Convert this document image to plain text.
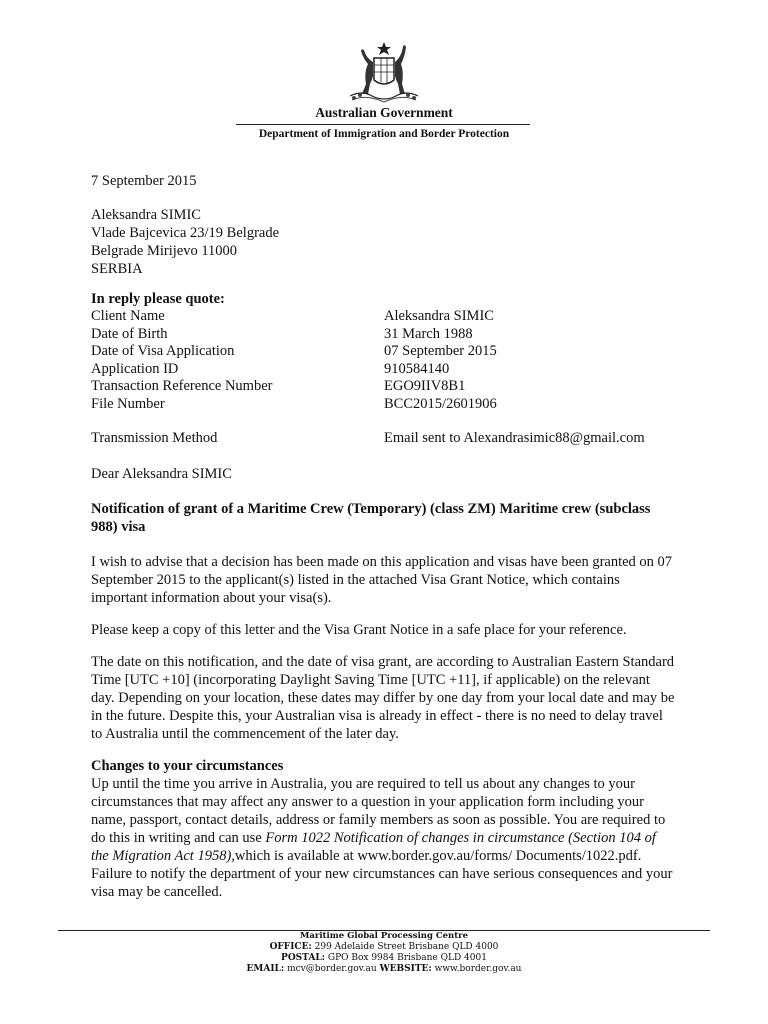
Australian Government
Department of Immigration and Border Protection
7 September 2015
Aleksandra SIMIC
Vlade Bajcevica 23/19 Belgrade
Belgrade Mirijevo 11000
SERBIA
In reply please quote:
Client Name	Aleksandra SIMIC
Date of Birth	31 March 1988
Date of Visa Application	07 September 2015
Application ID	910584140
Transaction Reference Number	EGO9IIV8B1
File Number	BCC2015/2601906
Transmission Method	Email sent to Alexandrasimic88@gmail.com
Dear Aleksandra SIMIC
Notification of grant of a Maritime Crew (Temporary) (class ZM) Maritime crew (subclass 988) visa
I wish to advise that a decision has been made on this application and visas have been granted on 07 September 2015 to the applicant(s) listed in the attached Visa Grant Notice, which contains important information about your visa(s).
Please keep a copy of this letter and the Visa Grant Notice in a safe place for your reference.
The date on this notification, and the date of visa grant, are according to Australian Eastern Standard Time [UTC +10] (incorporating Daylight Saving Time [UTC +11], if applicable) on the relevant day. Depending on your location, these dates may differ by one day from your local date and may be in the future. Despite this, your Australian visa is already in effect - there is no need to delay travel to Australia until the commencement of the later day.
Changes to your circumstances
Up until the time you arrive in Australia, you are required to tell us about any changes to your circumstances that may affect any answer to a question in your application form including your name, passport, contact details, address or family members as soon as possible. You are required to do this in writing and can use Form 1022 Notification of changes in circumstance (Section 104 of the Migration Act 1958),which is available at www.border.gov.au/forms/ Documents/1022.pdf. Failure to notify the department of your new circumstances can have serious consequences and your visa may be cancelled.
Maritime Global Processing Centre
OFFICE: 299 Adelaide Street Brisbane QLD 4000
POSTAL: GPO Box 9984 Brisbane QLD 4001
EMAIL: mcv@border.gov.au WEBSITE: www.border.gov.au
